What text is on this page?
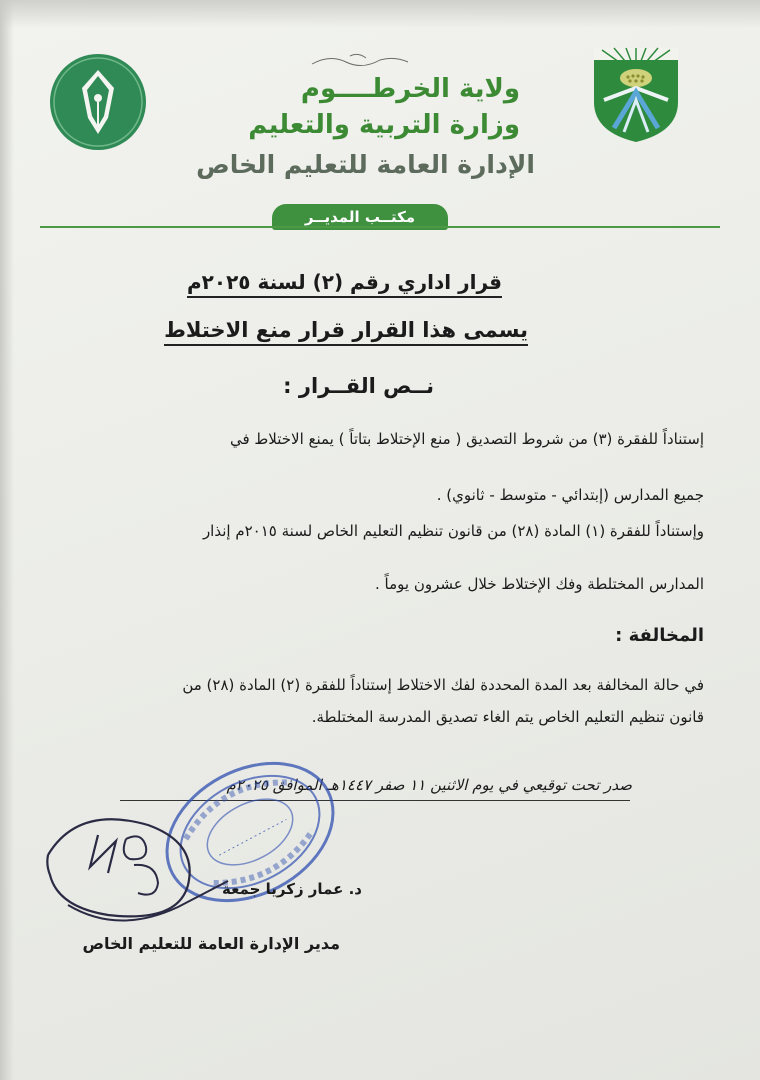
ولاية الخرطــــوم
وزارة التربية والتعليم
الإدارة العامة للتعليم الخاص
مكتــب المديــر
قرار اداري رقم (٢) لسنة ٢٠٢٥م
يسمى هذا القرار قرار منع الاختلاط
نــص القــرار :
إستناداً للفقرة (٣) من شروط التصديق ( منع الإختلاط بتاتاً ) يمنع الاختلاط في
جميع المدارس (إبتدائي - متوسط - ثانوي) .
وإستناداً للفقرة (١) المادة (٢٨) من قانون تنظيم التعليم الخاص لسنة ٢٠١٥م إنذار
المدارس المختلطة وفك الإختلاط خلال عشرون يوماً .
المخالفة :
في حالة المخالفة بعد المدة المحددة لفك الاختلاط إستناداً للفقرة (٢) المادة (٢٨) من
قانون تنظيم التعليم الخاص يتم الغاء تصديق المدرسة المختلطة.
صدر تحت توقيعي في يوم الاثنين ١١ صفر ١٤٤٧هـ الموافق ٢٠٢٥م
د. عمار زكريا جمعة
مدير الإدارة العامة للتعليم الخاص
